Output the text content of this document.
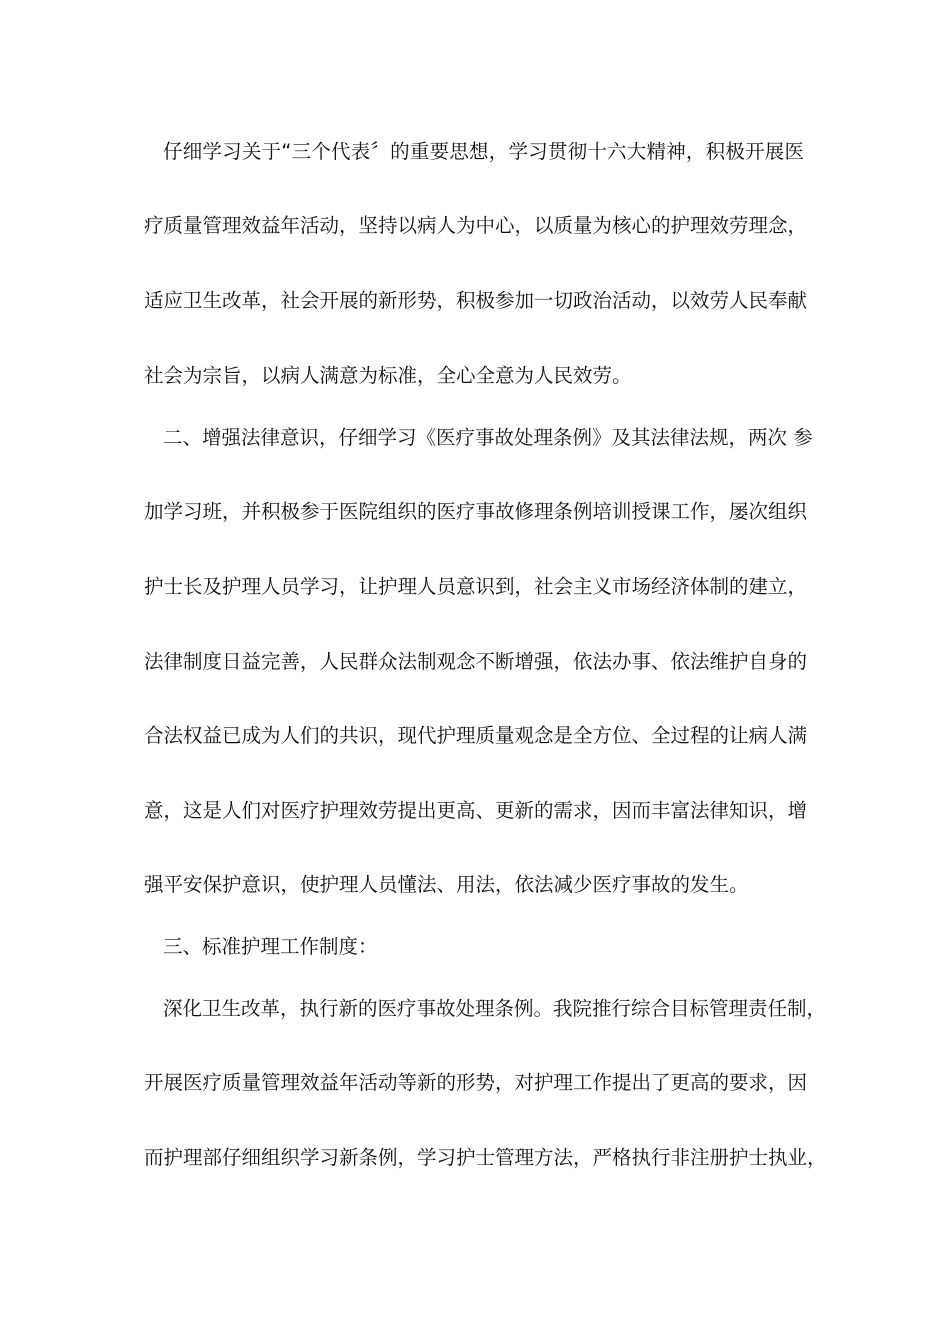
仔细学习关于“三个代表〞的重要思想，学习贯彻十六大精神，积极开展医
疗质量管理效益年活动，坚持以病人为中心，以质量为核心的护理效劳理念，
适应卫生改革，社会开展的新形势，积极参加一切政治活动，以效劳人民奉献
社会为宗旨，以病人满意为标准，全心全意为人民效劳。
二、增强法律意识，仔细学习《医疗事故处理条例》及其法律法规，两次 参
加学习班，并积极参于医院组织的医疗事故修理条例培训授课工作，屡次组织
护士长及护理人员学习，让护理人员意识到，社会主义市场经济体制的建立，
法律制度日益完善，人民群众法制观念不断增强，依法办事、依法维护自身的
合法权益已成为人们的共识，现代护理质量观念是全方位、全过程的让病人满
意，这是人们对医疗护理效劳提出更高、更新的需求，因而丰富法律知识，增
强平安保护意识，使护理人员懂法、用法，依法减少医疗事故的发生。
三、标准护理工作制度：
深化卫生改革，执行新的医疗事故处理条例。我院推行综合目标管理责任制，
开展医疗质量管理效益年活动等新的形势，对护理工作提出了更高的要求，因
而护理部仔细组织学习新条例，学习护士管理方法，严格执行非注册护士执业，
